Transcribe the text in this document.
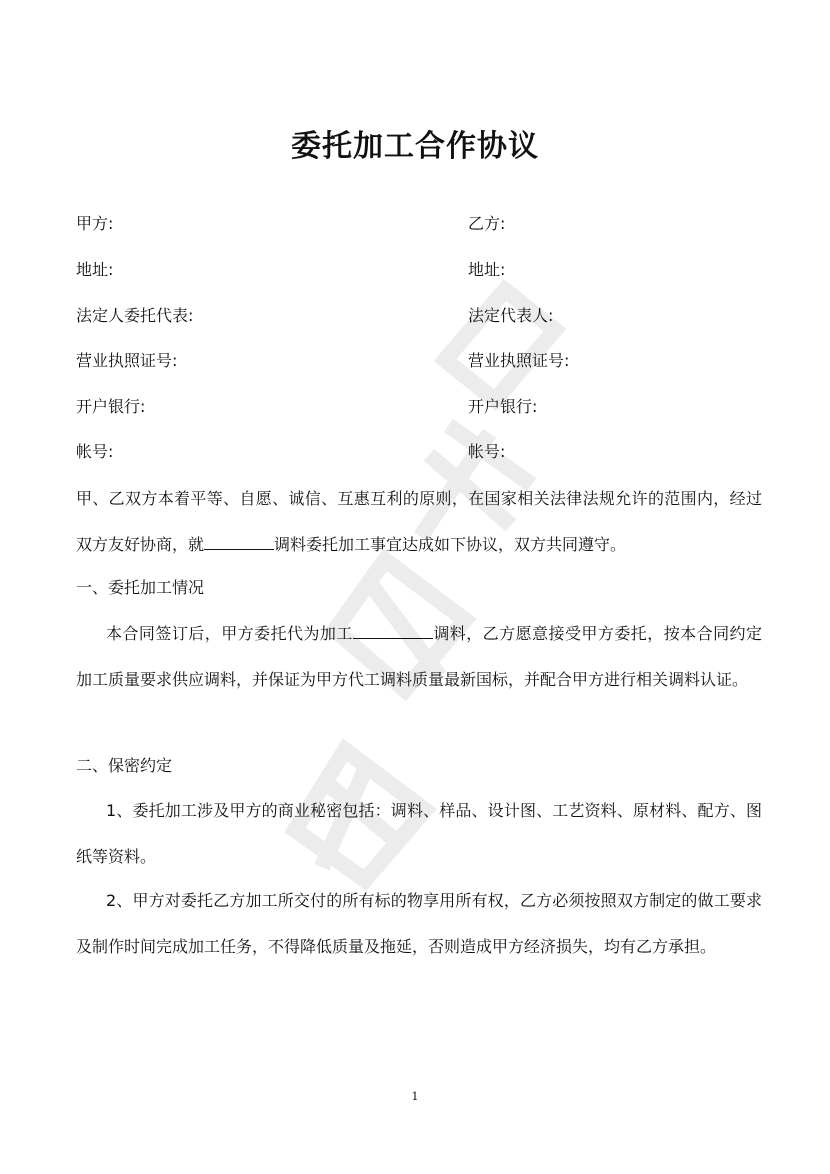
委托加工合作协议
甲方:	乙方:
地址:	地址:
法定人委托代表:	法定代表人:
营业执照证号:	营业执照证号:
开户银行:	开户银行:
帐号:	帐号:
甲、乙双方本着平等、自愿、诚信、互惠互利的原则，在国家相关法律法规允许的范围内，经过双方友好协商，就	调料委托加工事宜达成如下协议，双方共同遵守。
一、委托加工情况
本合同签订后，甲方委托代为加工	调料，乙方愿意接受甲方委托，按本合同约定加工质量要求供应调料，并保证为甲方代工调料质量最新国标，并配合甲方进行相关调料认证。
二、保密约定
1、委托加工涉及甲方的商业秘密包括：调料、样品、设计图、工艺资料、原材料、配方、图纸等资料。
2、甲方对委托乙方加工所交付的所有标的物享用所有权，乙方必须按照双方制定的做工要求及制作时间完成加工任务，不得降低质量及拖延，否则造成甲方经济损失，均有乙方承担。
1
